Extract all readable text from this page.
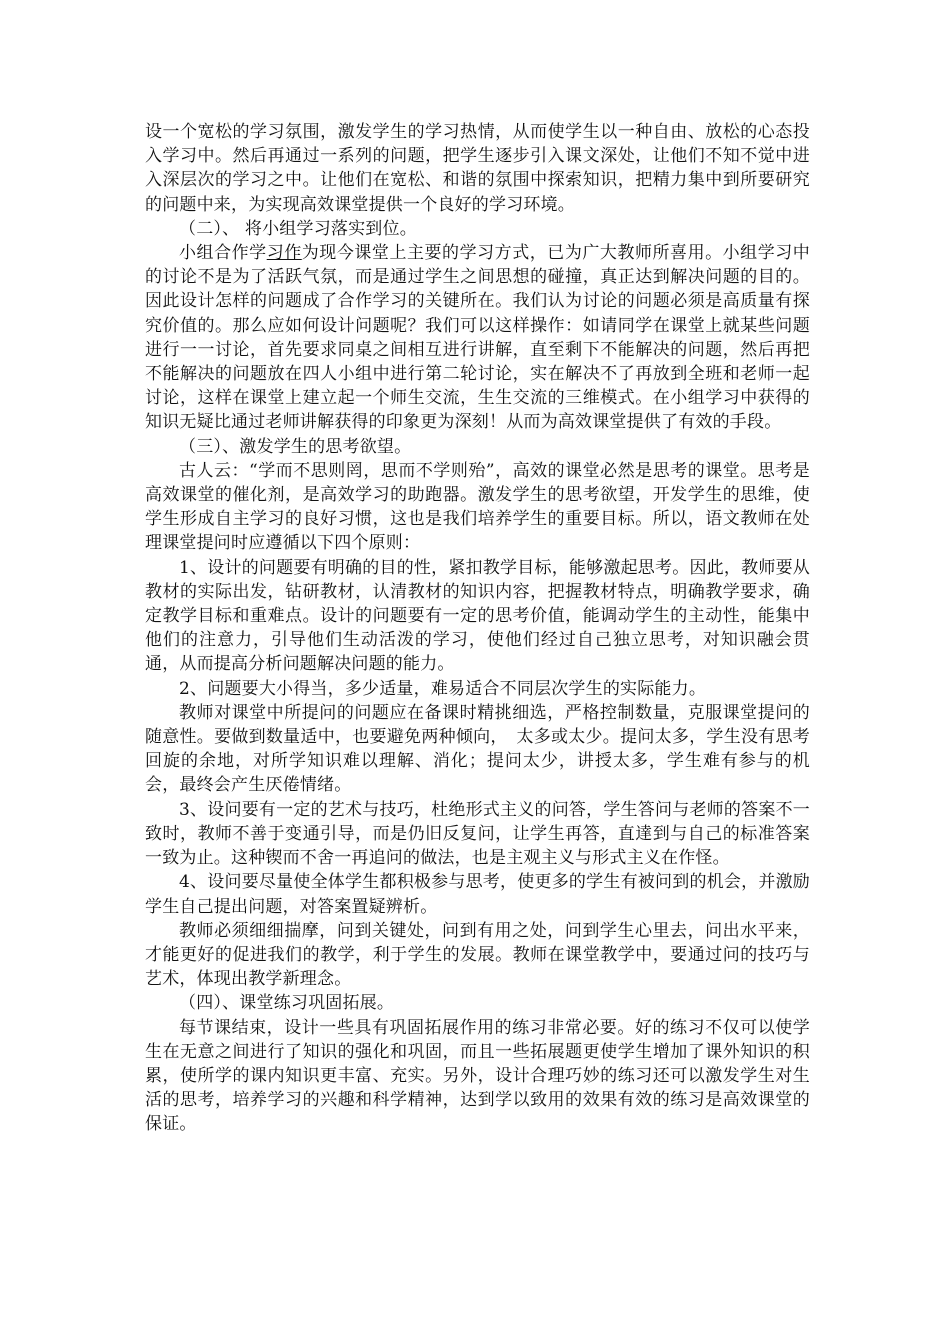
设一个宽松的学习氛围，激发学生的学习热情，从而使学生以一种自由、放松的心态投入学习中。然后再通过一系列的问题，把学生逐步引入课文深处，让他们不知不觉中进入深层次的学习之中。让他们在宽松、和谐的氛围中探索知识，把精力集中到所要研究的问题中来，为实现高效课堂提供一个良好的学习环境。

（二）、 将小组学习落实到位。

小组合作学习作为现今课堂上主要的学习方式，已为广大教师所喜用。小组学习中的讨论不是为了活跃气氛，而是通过学生之间思想的碰撞，真正达到解决问题的目的。因此设计怎样的问题成了合作学习的关键所在。我们认为讨论的问题必须是高质量有探究价值的。那么应如何设计问题呢？我们可以这样操作：如请同学在课堂上就某些问题进行一一讨论，首先要求同桌之间相互进行讲解，直至剩下不能解决的问题，然后再把不能解决的问题放在四人小组中进行第二轮讨论，实在解决不了再放到全班和老师一起讨论，这样在课堂上建立起一个师生交流，生生交流的三维模式。在小组学习中获得的知识无疑比通过老师讲解获得的印象更为深刻！从而为高效课堂提供了有效的手段。

（三）、激发学生的思考欲望。

古人云：“学而不思则罔，思而不学则殆”，高效的课堂必然是思考的课堂。思考是高效课堂的催化剂，是高效学习的助跑器。激发学生的思考欲望，开发学生的思维，使学生形成自主学习的良好习惯，这也是我们培养学生的重要目标。所以，语文教师在处理课堂提问时应遵循以下四个原则：

1、设计的问题要有明确的目的性，紧扣教学目标，能够激起思考。因此，教师要从教材的实际出发，钻研教材，认清教材的知识内容，把握教材特点，明确教学要求，确定教学目标和重难点。设计的问题要有一定的思考价值，能调动学生的主动性，能集中他们的注意力，引导他们生动活泼的学习，使他们经过自己独立思考，对知识融会贯通，从而提高分析问题解决问题的能力。

2、问题要大小得当，多少适量，难易适合不同层次学生的实际能力。

教师对课堂中所提问的问题应在备课时精挑细选，严格控制数量，克服课堂提问的随意性。要做到数量适中，也要避免两种倾向，　太多或太少。提问太多，学生没有思考回旋的余地，对所学知识难以理解、消化；提问太少，讲授太多，学生难有参与的机会，最终会产生厌倦情绪。

3、设问要有一定的艺术与技巧，杜绝形式主义的问答，学生答问与老师的答案不一致时，教师不善于变通引导，而是仍旧反复问，让学生再答，直達到与自己的标准答案一致为止。这种锲而不舍一再追问的做法，也是主观主义与形式主义在作怪。

4、设问要尽量使全体学生都积极参与思考，使更多的学生有被问到的机会，并激励学生自己提出问题，对答案置疑辨析。

教师必须细细揣摩，问到关键处，问到有用之处，问到学生心里去，问出水平来，才能更好的促进我们的教学，利于学生的发展。教师在课堂教学中，要通过问的技巧与艺术，体现出教学新理念。

（四）、课堂练习巩固拓展。

每节课结束，设计一些具有巩固拓展作用的练习非常必要。好的练习不仅可以使学生在无意之间进行了知识的强化和巩固，而且一些拓展题更使学生增加了课外知识的积累，使所学的课内知识更丰富、充实。另外，设计合理巧妙的练习还可以激发学生对生活的思考，培养学习的兴趣和科学精神，达到学以致用的效果有效的练习是高效课堂的保证。
